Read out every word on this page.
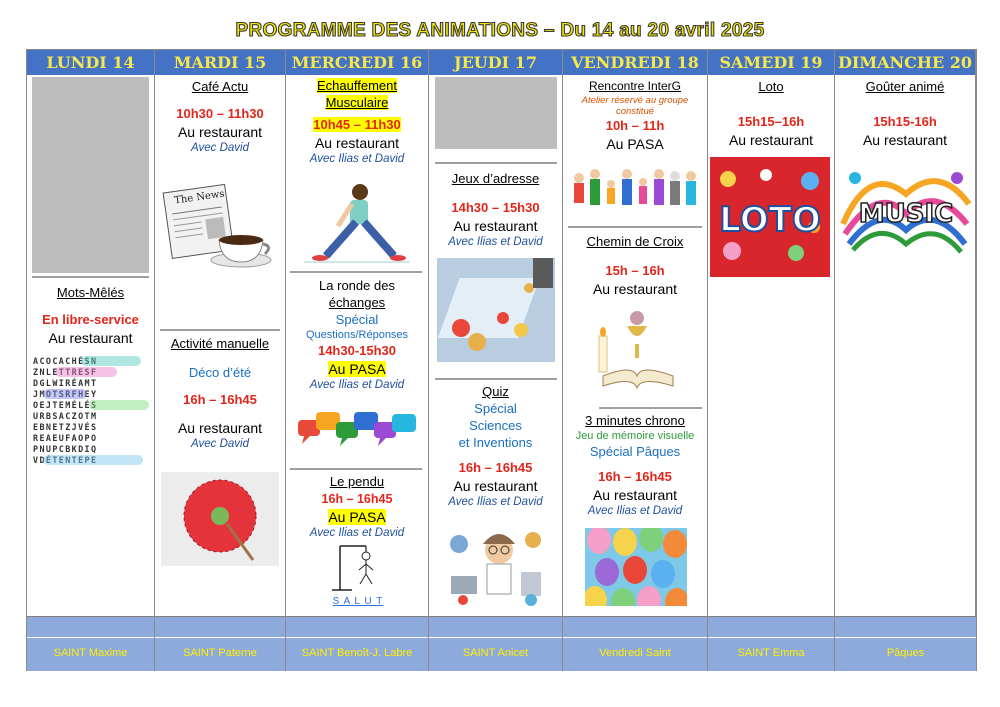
PROGRAMME DES ANIMATIONS – Du 14 au 20 avril 2025
LUNDI 14
Mots-Mêlés
En libre-service
Au restaurant
ACOCACHÉSN
ZNLETTRESF
DGLWIRÉAMT
JMOTSRFHEY
OEJTEMÉLÉS
URBSACZOTM
EBNETZJVÉS
REAEUFAOPO
PNUPCBKDIQ
VDÉTENTEPE
MARDI 15
Café Actu
10h30 – 11h30
Au restaurant
Avec David
The News
Activité manuelle
Déco d’été
16h – 16h45
Au restaurant
Avec David
MERCREDI 16
Echauffement
Musculaire
10h45 – 11h30
Au restaurant
Avec Ilias et David
La ronde des
échanges
Spécial
Questions/Réponses
14h30-15h30
Au PASA
Avec Ilias et David
Le pendu
16h – 16h45
Au PASA
Avec Ilias et David
S A L U T
JEUDI 17
Jeux d’adresse
14h30 – 15h30
Au restaurant
Avec Ilias et David
Quiz
Spécial
Sciences
et Inventions
16h – 16h45
Au restaurant
Avec Ilias et David
VENDREDI 18
Rencontre InterG
Atelier réservé au groupe constitué
10h – 11h
Au PASA
Chemin de Croix
15h – 16h
Au restaurant
3 minutes chrono
Jeu de mémoire visuelle
Spécial Pâques
16h – 16h45
Au restaurant
Avec Ilias et David
SAMEDI 19
Loto
15h15–16h
Au restaurant
LOTO
DIMANCHE 20
Goûter animé
15h15-16h
Au restaurant
MUSIC
SAINT Maxime	SAINT Paterne	SAINT Benoît-J. Labre	SAINT Anicet	Vendredi Saint	SAINT Emma	Pâques
